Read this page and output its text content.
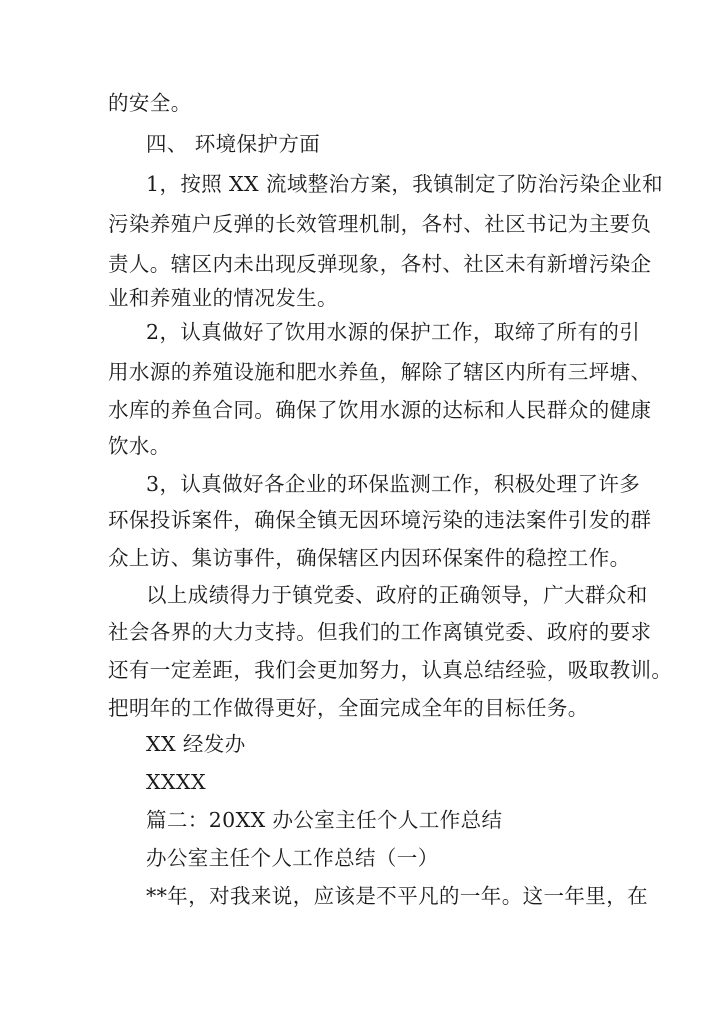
的安全。
四、 环境保护方面
1，按照 XX 流域整治方案，我镇制定了防治污染企业和
污染养殖户反弹的长效管理机制，各村、社区书记为主要负
责人。辖区内未出现反弹现象，各村、社区未有新增污染企
业和养殖业的情况发生。
2，认真做好了饮用水源的保护工作，取缔了所有的引
用水源的养殖设施和肥水养鱼，解除了辖区内所有三坪塘、
水库的养鱼合同。确保了饮用水源的达标和人民群众的健康
饮水。
3，认真做好各企业的环保监测工作，积极处理了许多
环保投诉案件，确保全镇无因环境污染的违法案件引发的群
众上访、集访事件，确保辖区内因环保案件的稳控工作。
以上成绩得力于镇党委、政府的正确领导，广大群众和
社会各界的大力支持。但我们的工作离镇党委、政府的要求
还有一定差距，我们会更加努力，认真总结经验，吸取教训。
把明年的工作做得更好，全面完成全年的目标任务。
XX 经发办
XXXX
篇二：20XX 办公室主任个人工作总结
办公室主任个人工作总结（一）
**年，对我来说，应该是不平凡的一年。这一年里，在
